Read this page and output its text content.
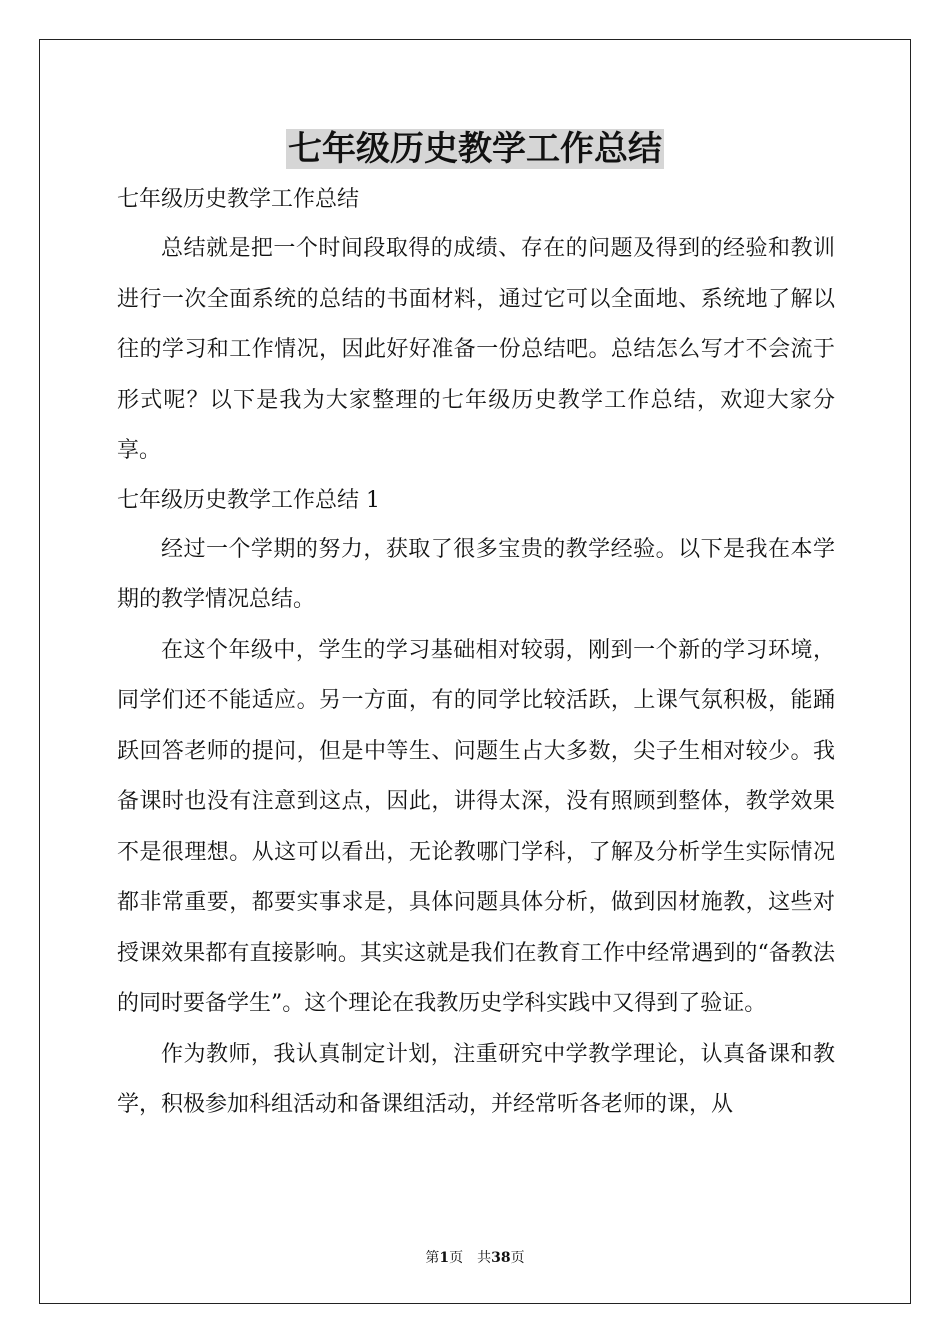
七年级历史教学工作总结

七年级历史教学工作总结

总结就是把一个时间段取得的成绩、存在的问题及得到的经验和教训进行一次全面系统的总结的书面材料，通过它可以全面地、系统地了解以往的学习和工作情况，因此好好准备一份总结吧。总结怎么写才不会流于形式呢？以下是我为大家整理的七年级历史教学工作总结，欢迎大家分享。

七年级历史教学工作总结 1

经过一个学期的努力，获取了很多宝贵的教学经验。以下是我在本学期的教学情况总结。

在这个年级中，学生的学习基础相对较弱，刚到一个新的学习环境，同学们还不能适应。另一方面，有的同学比较活跃，上课气氛积极，能踊跃回答老师的提问，但是中等生、问题生占大多数，尖子生相对较少。我备课时也没有注意到这点，因此，讲得太深，没有照顾到整体，教学效果不是很理想。从这可以看出，无论教哪门学科，了解及分析学生实际情况都非常重要，都要实事求是，具体问题具体分析，做到因材施教，这些对授课效果都有直接影响。其实这就是我们在教育工作中经常遇到的“备教法的同时要备学生”。这个理论在我教历史学科实践中又得到了验证。

作为教师，我认真制定计划，注重研究中学教学理论，认真备课和教学，积极参加科组活动和备课组活动，并经常听各老师的课，从

第1页 共38页
